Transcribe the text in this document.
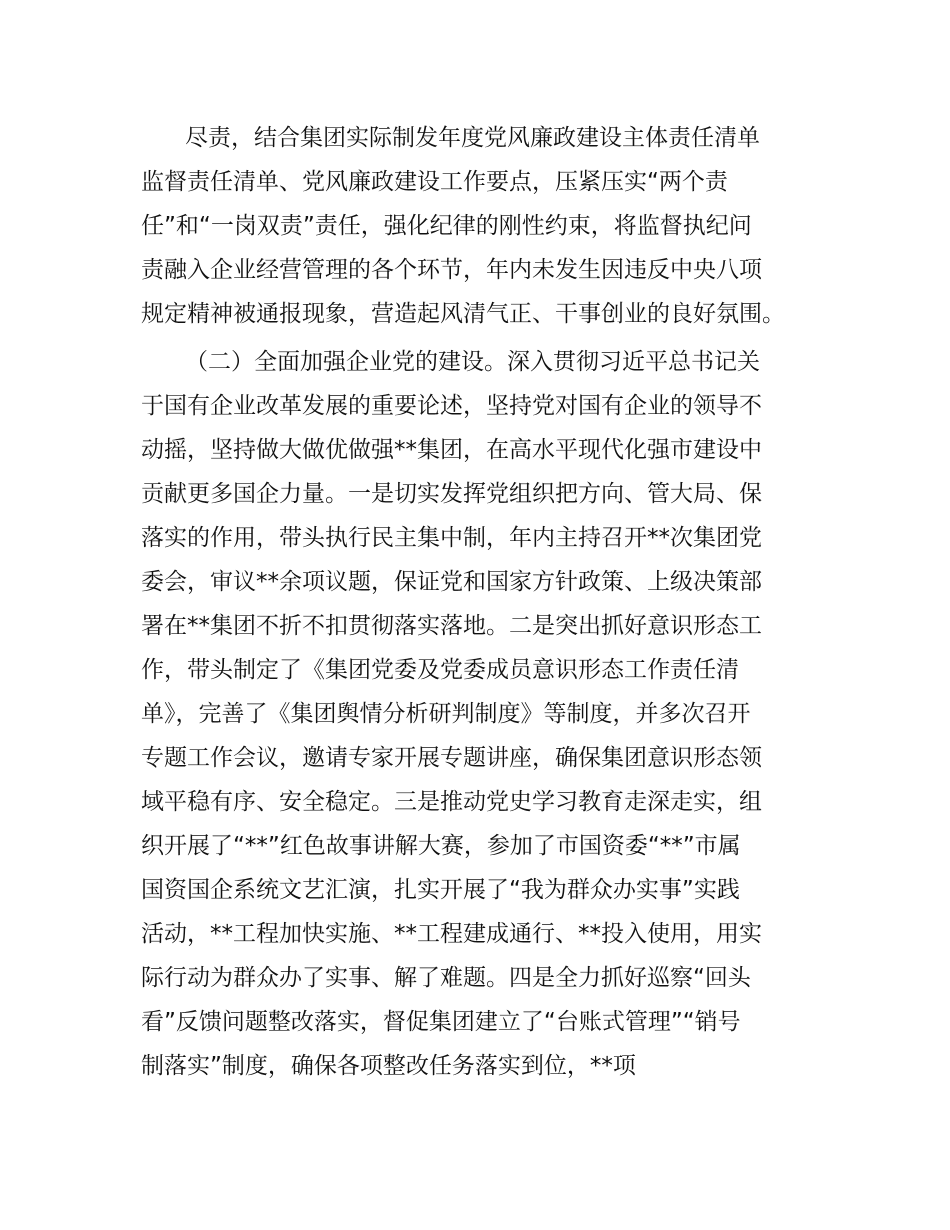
尽责，结合集团实际制发年度党风廉政建设主体责任清单
监督责任清单、党风廉政建设工作要点，压紧压实“两个责
任”和“一岗双责”责任，强化纪律的刚性约束，将监督执纪问
责融入企业经营管理的各个环节，年内未发生因违反中央八项
规定精神被通报现象，营造起风清气正、干事创业的良好氛围。
（二）全面加强企业党的建设。深入贯彻习近平总书记关
于国有企业改革发展的重要论述，坚持党对国有企业的领导不
动摇，坚持做大做优做强**集团，在高水平现代化强市建设中
贡献更多国企力量。一是切实发挥党组织把方向、管大局、保
落实的作用，带头执行民主集中制，年内主持召开**次集团党
委会，审议**余项议题，保证党和国家方针政策、上级决策部
署在**集团不折不扣贯彻落实落地。二是突出抓好意识形态工
作，带头制定了《集团党委及党委成员意识形态工作责任清
单》，完善了《集团舆情分析研判制度》等制度，并多次召开
专题工作会议，邀请专家开展专题讲座，确保集团意识形态领
域平稳有序、安全稳定。三是推动党史学习教育走深走实，组
织开展了“**”红色故事讲解大赛，参加了市国资委“**”市属
国资国企系统文艺汇演，扎实开展了“我为群众办实事”实践
活动，**工程加快实施、**工程建成通行、**投入使用，用实
际行动为群众办了实事、解了难题。四是全力抓好巡察“回头
看”反馈问题整改落实，督促集团建立了“台账式管理”“销号
制落实”制度，确保各项整改任务落实到位，**项
